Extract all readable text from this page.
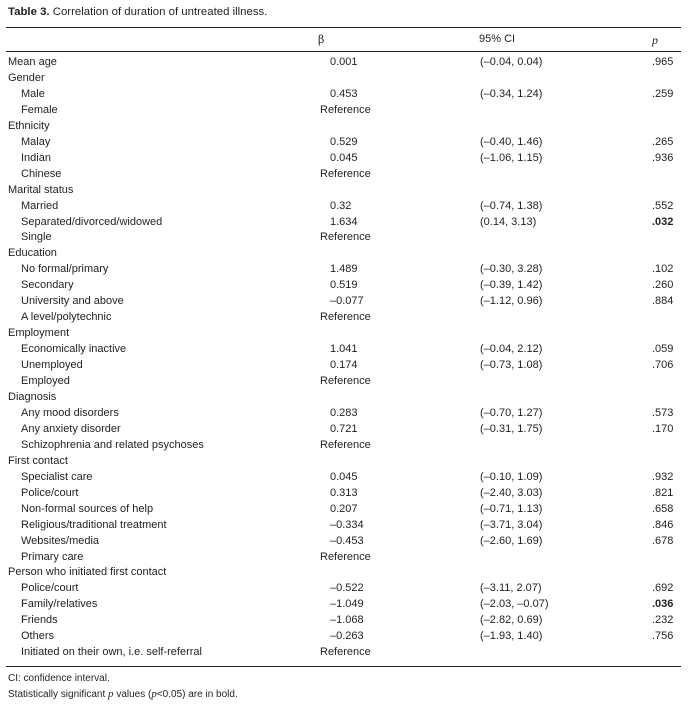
Table 3. Correlation of duration of untreated illness.
β	95% CI	p
Mean age	0.001	(–0.04, 0.04)	.965
Gender
Male	0.453	(–0.34, 1.24)	.259
Female	Reference
Ethnicity
Malay	0.529	(–0.40, 1.46)	.265
Indian	0.045	(–1.06, 1.15)	.936
Chinese	Reference
Marital status
Married	0.32	(–0.74, 1.38)	.552
Separated/divorced/widowed	1.634	(0.14, 3.13)	.032
Single	Reference
Education
No formal/primary	1.489	(–0.30, 3.28)	.102
Secondary	0.519	(–0.39, 1.42)	.260
University and above	–0.077	(–1.12, 0.96)	.884
A level/polytechnic	Reference
Employment
Economically inactive	1.041	(–0.04, 2.12)	.059
Unemployed	0.174	(–0.73, 1.08)	.706
Employed	Reference
Diagnosis
Any mood disorders	0.283	(–0.70, 1.27)	.573
Any anxiety disorder	0.721	(–0.31, 1.75)	.170
Schizophrenia and related psychoses	Reference
First contact
Specialist care	0.045	(–0.10, 1.09)	.932
Police/court	0.313	(–2.40, 3.03)	.821
Non-formal sources of help	0.207	(–0.71, 1.13)	.658
Religious/traditional treatment	–0.334	(–3.71, 3.04)	.846
Websites/media	–0.453	(–2.60, 1.69)	.678
Primary care	Reference
Person who initiated first contact
Police/court	–0.522	(–3.11, 2.07)	.692
Family/relatives	–1.049	(–2.03, –0.07)	.036
Friends	–1.068	(–2.82, 0.69)	.232
Others	–0.263	(–1.93, 1.40)	.756
Initiated on their own, i.e. self-referral	Reference
CI: confidence interval.
Statistically significant p values (p<0.05) are in bold.
